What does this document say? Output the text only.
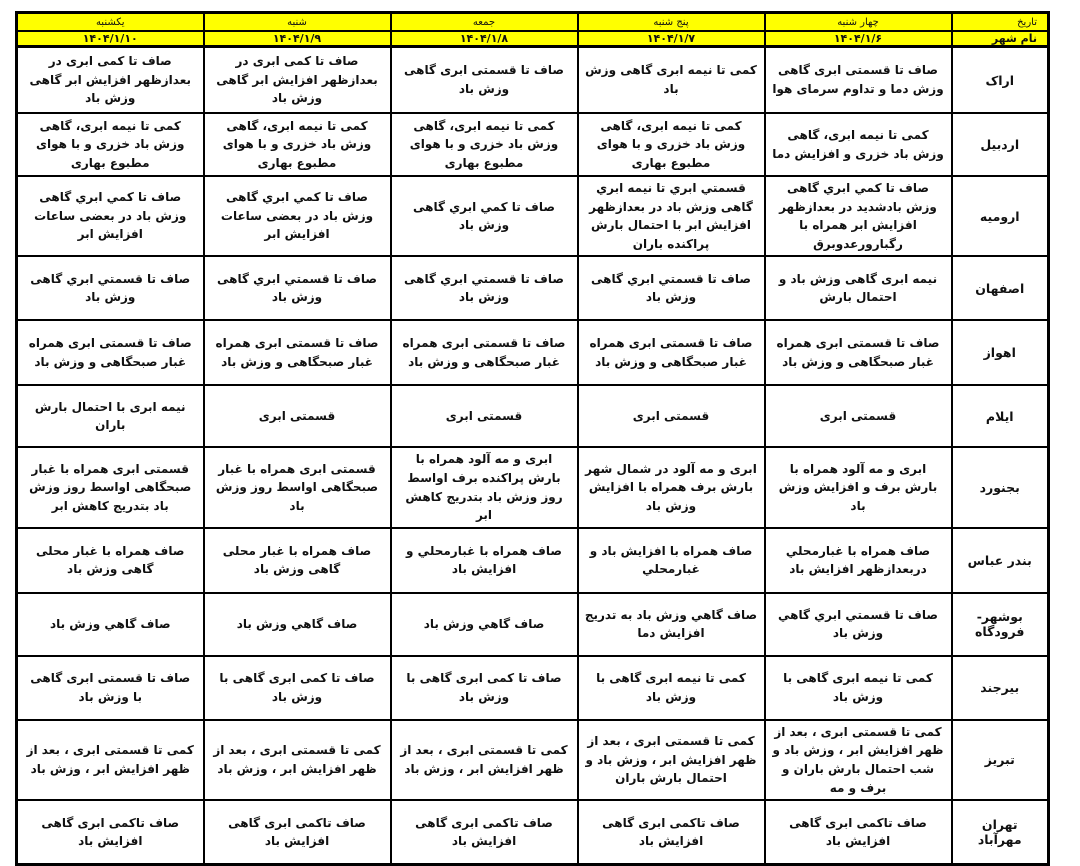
تاریخ	چهار شنبه	پنج شنبه	جمعه	شنبه	یکشنبه
نام شهر	۱۴۰۴/۱/۶	۱۴۰۴/۱/۷	۱۴۰۴/۱/۸	۱۴۰۴/۱/۹	۱۴۰۴/۱/۱۰
اراک	صاف تا قسمتی ابری گاهی وزش دما و تداوم سرمای هوا	کمی تا نیمه ابری گاهی وزش باد	صاف تا قسمتی ابری گاهی وزش باد	صاف تا کمی ابری در بعدازظهر افزایش ابر گاهی وزش باد	صاف تا کمی ابری در بعدازظهر افزایش ابر گاهی وزش باد
اردبیل	کمی تا نیمه ابری، گاهی وزش باد خزری و افزایش دما	کمی تا نیمه ابری، گاهی وزش باد خزری و با هوای مطبوع بهاری	کمی تا نیمه ابری، گاهی وزش باد خزری و با هوای مطبوع بهاری	کمی تا نیمه ابری، گاهی وزش باد خزری و با هوای مطبوع بهاری	کمی تا نیمه ابری، گاهی وزش باد خزری و با هوای مطبوع بهاری
ارومیه	صاف تا کمي ابري گاهی وزش بادشدید در بعدازظهر افزایش ابر همراه با رگبارورعدوبرق	قسمتي ابري تا نیمه ابري گاهی وزش باد در بعدازظهر افزایش ابر با احتمال بارش پراکنده باران	صاف تا کمي ابري گاهی وزش باد	صاف تا کمي ابري گاهی وزش باد در بعضی ساعات افزایش ابر	صاف تا کمي ابري گاهی وزش باد در بعضی ساعات افزایش ابر
اصفهان	نیمه ابری گاهی وزش باد و احتمال بارش	صاف تا قسمتي ابري گاهی وزش باد	صاف تا قسمتي ابري گاهی وزش باد	صاف تا قسمتي ابري گاهی وزش باد	صاف تا قسمتي ابري گاهی وزش باد
اهواز	صاف تا قسمتی ابری همراه غبار صبحگاهی و وزش باد	صاف تا قسمتی ابری همراه غبار صبحگاهی و وزش باد	صاف تا قسمتی ابری همراه غبار صبحگاهی و وزش باد	صاف تا قسمتی ابری همراه غبار صبحگاهی و وزش باد	صاف تا قسمتی ابری همراه غبار صبحگاهی و وزش باد
ایلام	قسمتی ابری	قسمتی ابری	قسمتی ابری	قسمتی ابری	نیمه ابری با احتمال بارش باران
بجنورد	ابری و مه آلود همراه با بارش برف و افزایش وزش باد	ابری و مه آلود در شمال شهر بارش برف همراه با افزایش وزش باد	ابری و مه آلود همراه با بارش پراکنده برف اواسط روز وزش باد بتدریج کاهش ابر	قسمتی ابری همراه با غبار صبحگاهی اواسط روز وزش باد	قسمتی ابری همراه با غبار صبحگاهی اواسط روز وزش باد بتدریج کاهش ابر
بندر عباس	صاف همراه با غبارمحلي دربعدازظهر افزایش باد	صاف همراه با افزایش باد و غبارمحلي	صاف همراه با غبارمحلي و افزایش باد	صاف همراه با غبار محلی گاهی وزش باد	صاف همراه با غبار محلی گاهی وزش باد
بوشهر- فرودگاه	صاف تا قسمتي ابري گاهي وزش باد	صاف گاهي وزش باد به تدريج افزايش دما	صاف گاهي وزش باد	صاف گاهي وزش باد	صاف گاهي وزش باد
بیرجند	کمی تا نیمه ابری گاهی با وزش باد	کمی تا نیمه ابری گاهی با وزش باد	صاف تا کمی ابری گاهی با وزش باد	صاف تا کمی ابری گاهی با وزش باد	صاف تا قسمتی ابری گاهی با وزش باد
تبریز	کمی تا قسمتی ابری ، بعد از ظهر افزایش ابر ، وزش باد و شب احتمال بارش باران و برف و مه	کمی تا قسمتی ابری ، بعد از ظهر افزایش ابر ، وزش باد و احتمال بارش باران	کمی تا قسمتی ابری ، بعد از ظهر افزایش ابر ، وزش باد	کمی تا قسمتی ابری ، بعد از ظهر افزایش ابر ، وزش باد	کمی تا قسمتی ابری ، بعد از ظهر افزایش ابر ، وزش باد
تهران مهرآباد	صاف تاکمی ابری گاهی افزایش باد	صاف تاکمی ابری گاهی افزایش باد	صاف تاکمی ابری گاهی افزایش باد	صاف تاکمی ابری گاهی افزایش باد	صاف تاکمی ابری گاهی افزایش باد
